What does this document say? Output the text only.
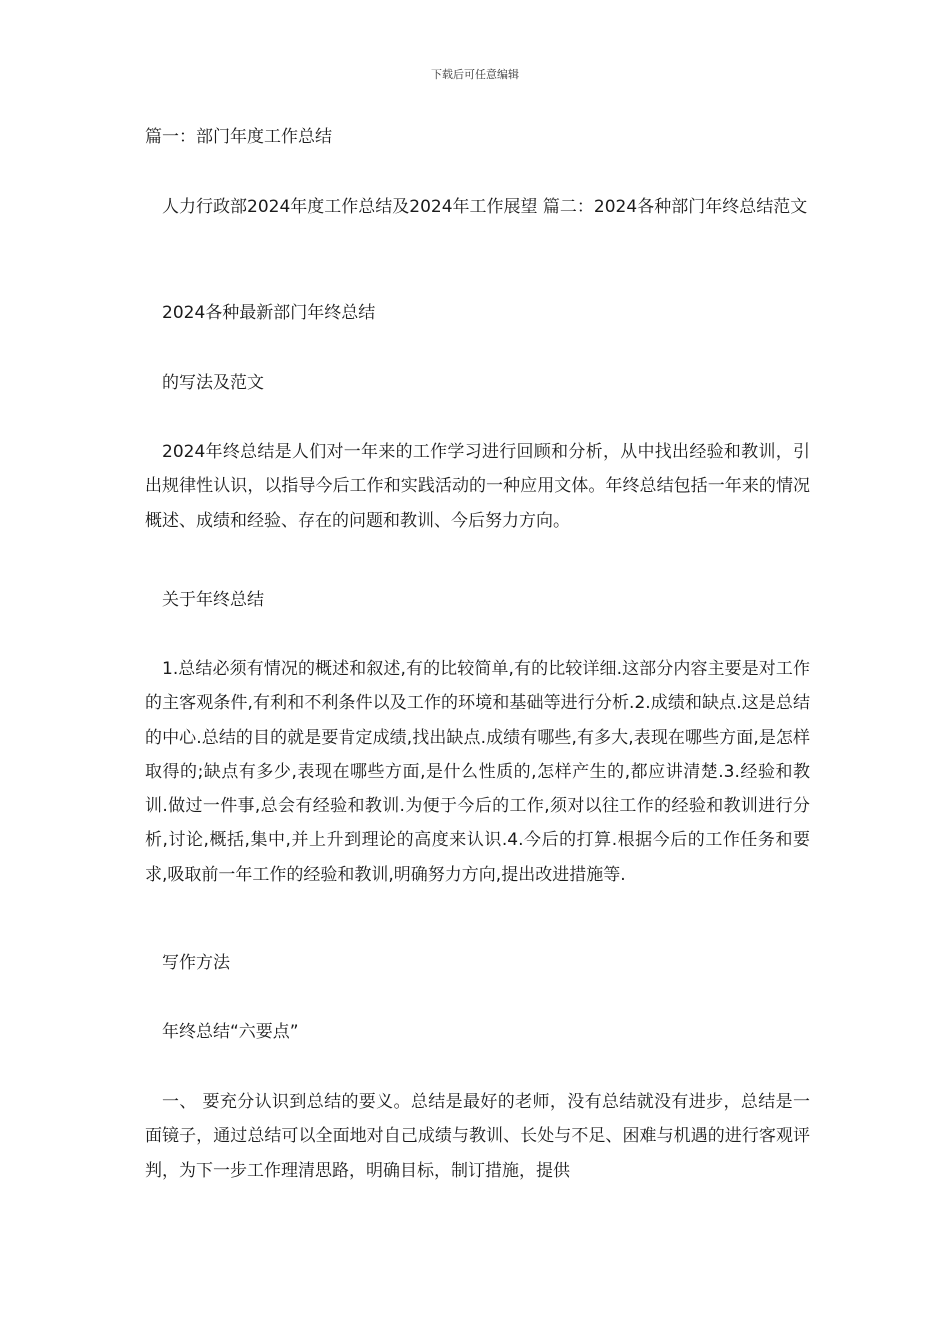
下载后可任意编辑

篇一：部门年度工作总结

人力行政部2024年度工作总结及2024年工作展望 篇二：2024各种部门年终总结范文

2024各种最新部门年终总结

的写法及范文

2024年终总结是人们对一年来的工作学习进行回顾和分析，从中找出经验和教训，引出规律性认识，以指导今后工作和实践活动的一种应用文体。年终总结包括一年来的情况概述、成绩和经验、存在的问题和教训、今后努力方向。

关于年终总结

1.总结必须有情况的概述和叙述,有的比较简单,有的比较详细.这部分内容主要是对工作的主客观条件,有利和不利条件以及工作的环境和基础等进行分析.2.成绩和缺点.这是总结的中心.总结的目的就是要肯定成绩,找出缺点.成绩有哪些,有多大,表现在哪些方面,是怎样取得的;缺点有多少,表现在哪些方面,是什么性质的,怎样产生的,都应讲清楚.3.经验和教训.做过一件事,总会有经验和教训.为便于今后的工作,须对以往工作的经验和教训进行分析,讨论,概括,集中,并上升到理论的高度来认识.4.今后的打算.根据今后的工作任务和要求,吸取前一年工作的经验和教训,明确努力方向,提出改进措施等.

写作方法

年终总结“六要点”

一、 要充分认识到总结的要义。总结是最好的老师，没有总结就没有进步，总结是一面镜子，通过总结可以全面地对自己成绩与教训、长处与不足、困难与机遇的进行客观评判，为下一步工作理清思路，明确目标，制订措施，提供
